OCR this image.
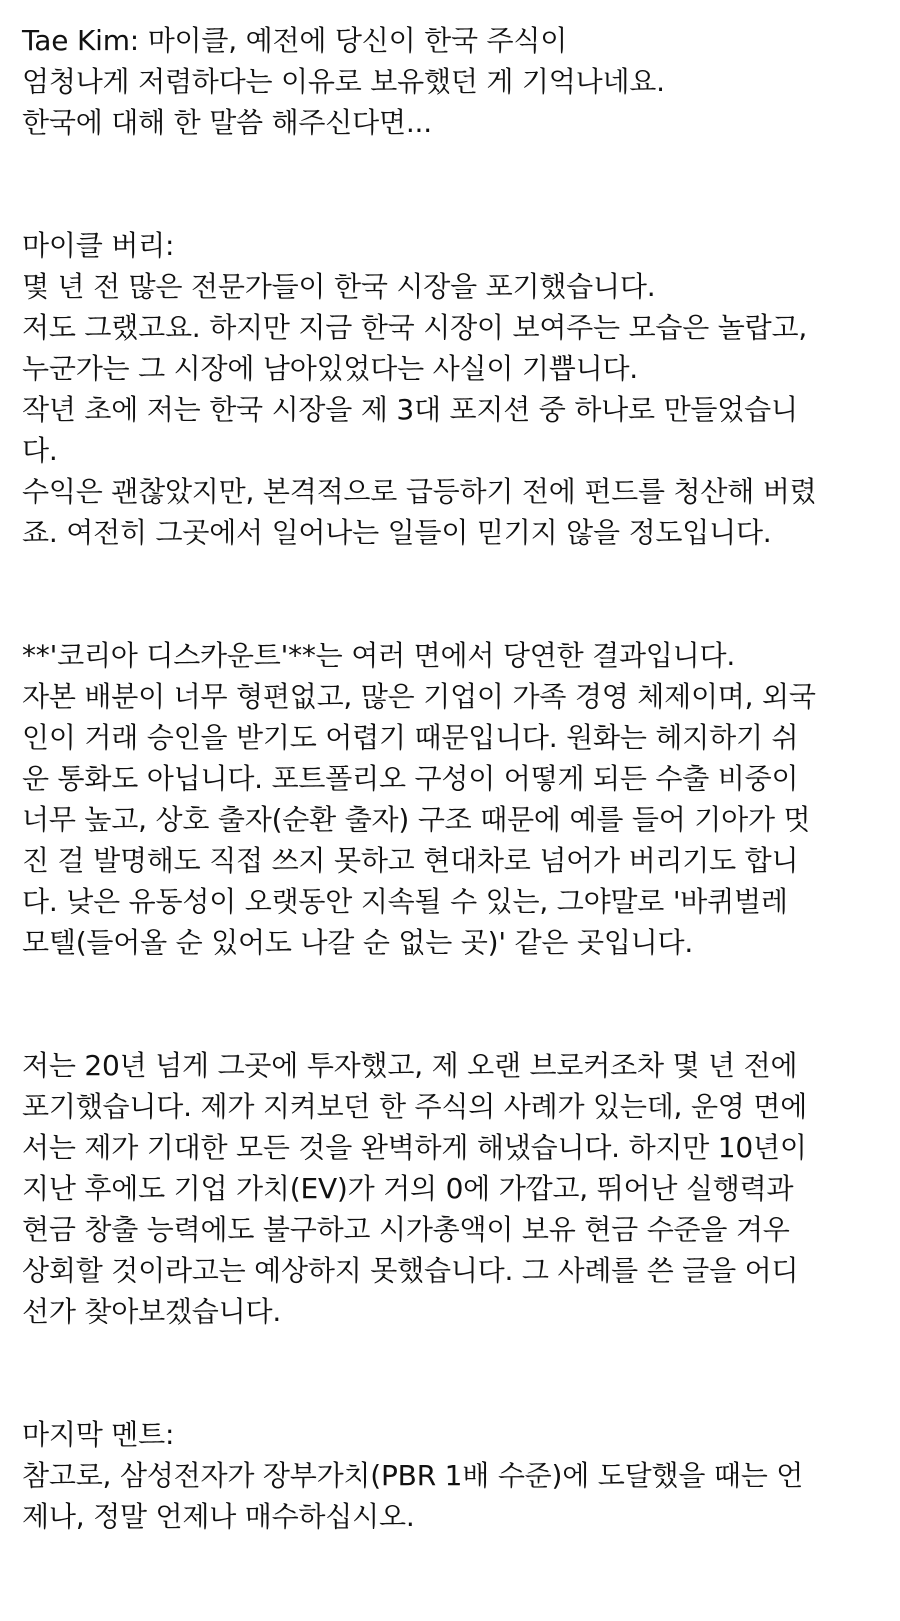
Tae Kim: 마이클, 예전에 당신이 한국 주식이
엄청나게 저렴하다는 이유로 보유했던 게 기억나네요.
한국에 대해 한 말씀 해주신다면...
마이클 버리:
몇 년 전 많은 전문가들이 한국 시장을 포기했습니다.
저도 그랬고요. 하지만 지금 한국 시장이 보여주는 모습은 놀랍고,
누군가는 그 시장에 남아있었다는 사실이 기쁩니다.
작년 초에 저는 한국 시장을 제 3대 포지션 중 하나로 만들었습니
다.
수익은 괜찮았지만, 본격적으로 급등하기 전에 펀드를 청산해 버렸
죠. 여전히 그곳에서 일어나는 일들이 믿기지 않을 정도입니다.
**'코리아 디스카운트'**는 여러 면에서 당연한 결과입니다.
자본 배분이 너무 형편없고, 많은 기업이 가족 경영 체제이며, 외국
인이 거래 승인을 받기도 어렵기 때문입니다. 원화는 헤지하기 쉬
운 통화도 아닙니다. 포트폴리오 구성이 어떻게 되든 수출 비중이
너무 높고, 상호 출자(순환 출자) 구조 때문에 예를 들어 기아가 멋
진 걸 발명해도 직접 쓰지 못하고 현대차로 넘어가 버리기도 합니
다. 낮은 유동성이 오랫동안 지속될 수 있는, 그야말로 '바퀴벌레
모텔(들어올 순 있어도 나갈 순 없는 곳)' 같은 곳입니다.
저는 20년 넘게 그곳에 투자했고, 제 오랜 브로커조차 몇 년 전에
포기했습니다. 제가 지켜보던 한 주식의 사례가 있는데, 운영 면에
서는 제가 기대한 모든 것을 완벽하게 해냈습니다. 하지만 10년이
지난 후에도 기업 가치(EV)가 거의 0에 가깝고, 뛰어난 실행력과
현금 창출 능력에도 불구하고 시가총액이 보유 현금 수준을 겨우
상회할 것이라고는 예상하지 못했습니다. 그 사례를 쓴 글을 어디
선가 찾아보겠습니다.
마지막 멘트:
참고로, 삼성전자가 장부가치(PBR 1배 수준)에 도달했을 때는 언
제나, 정말 언제나 매수하십시오.
